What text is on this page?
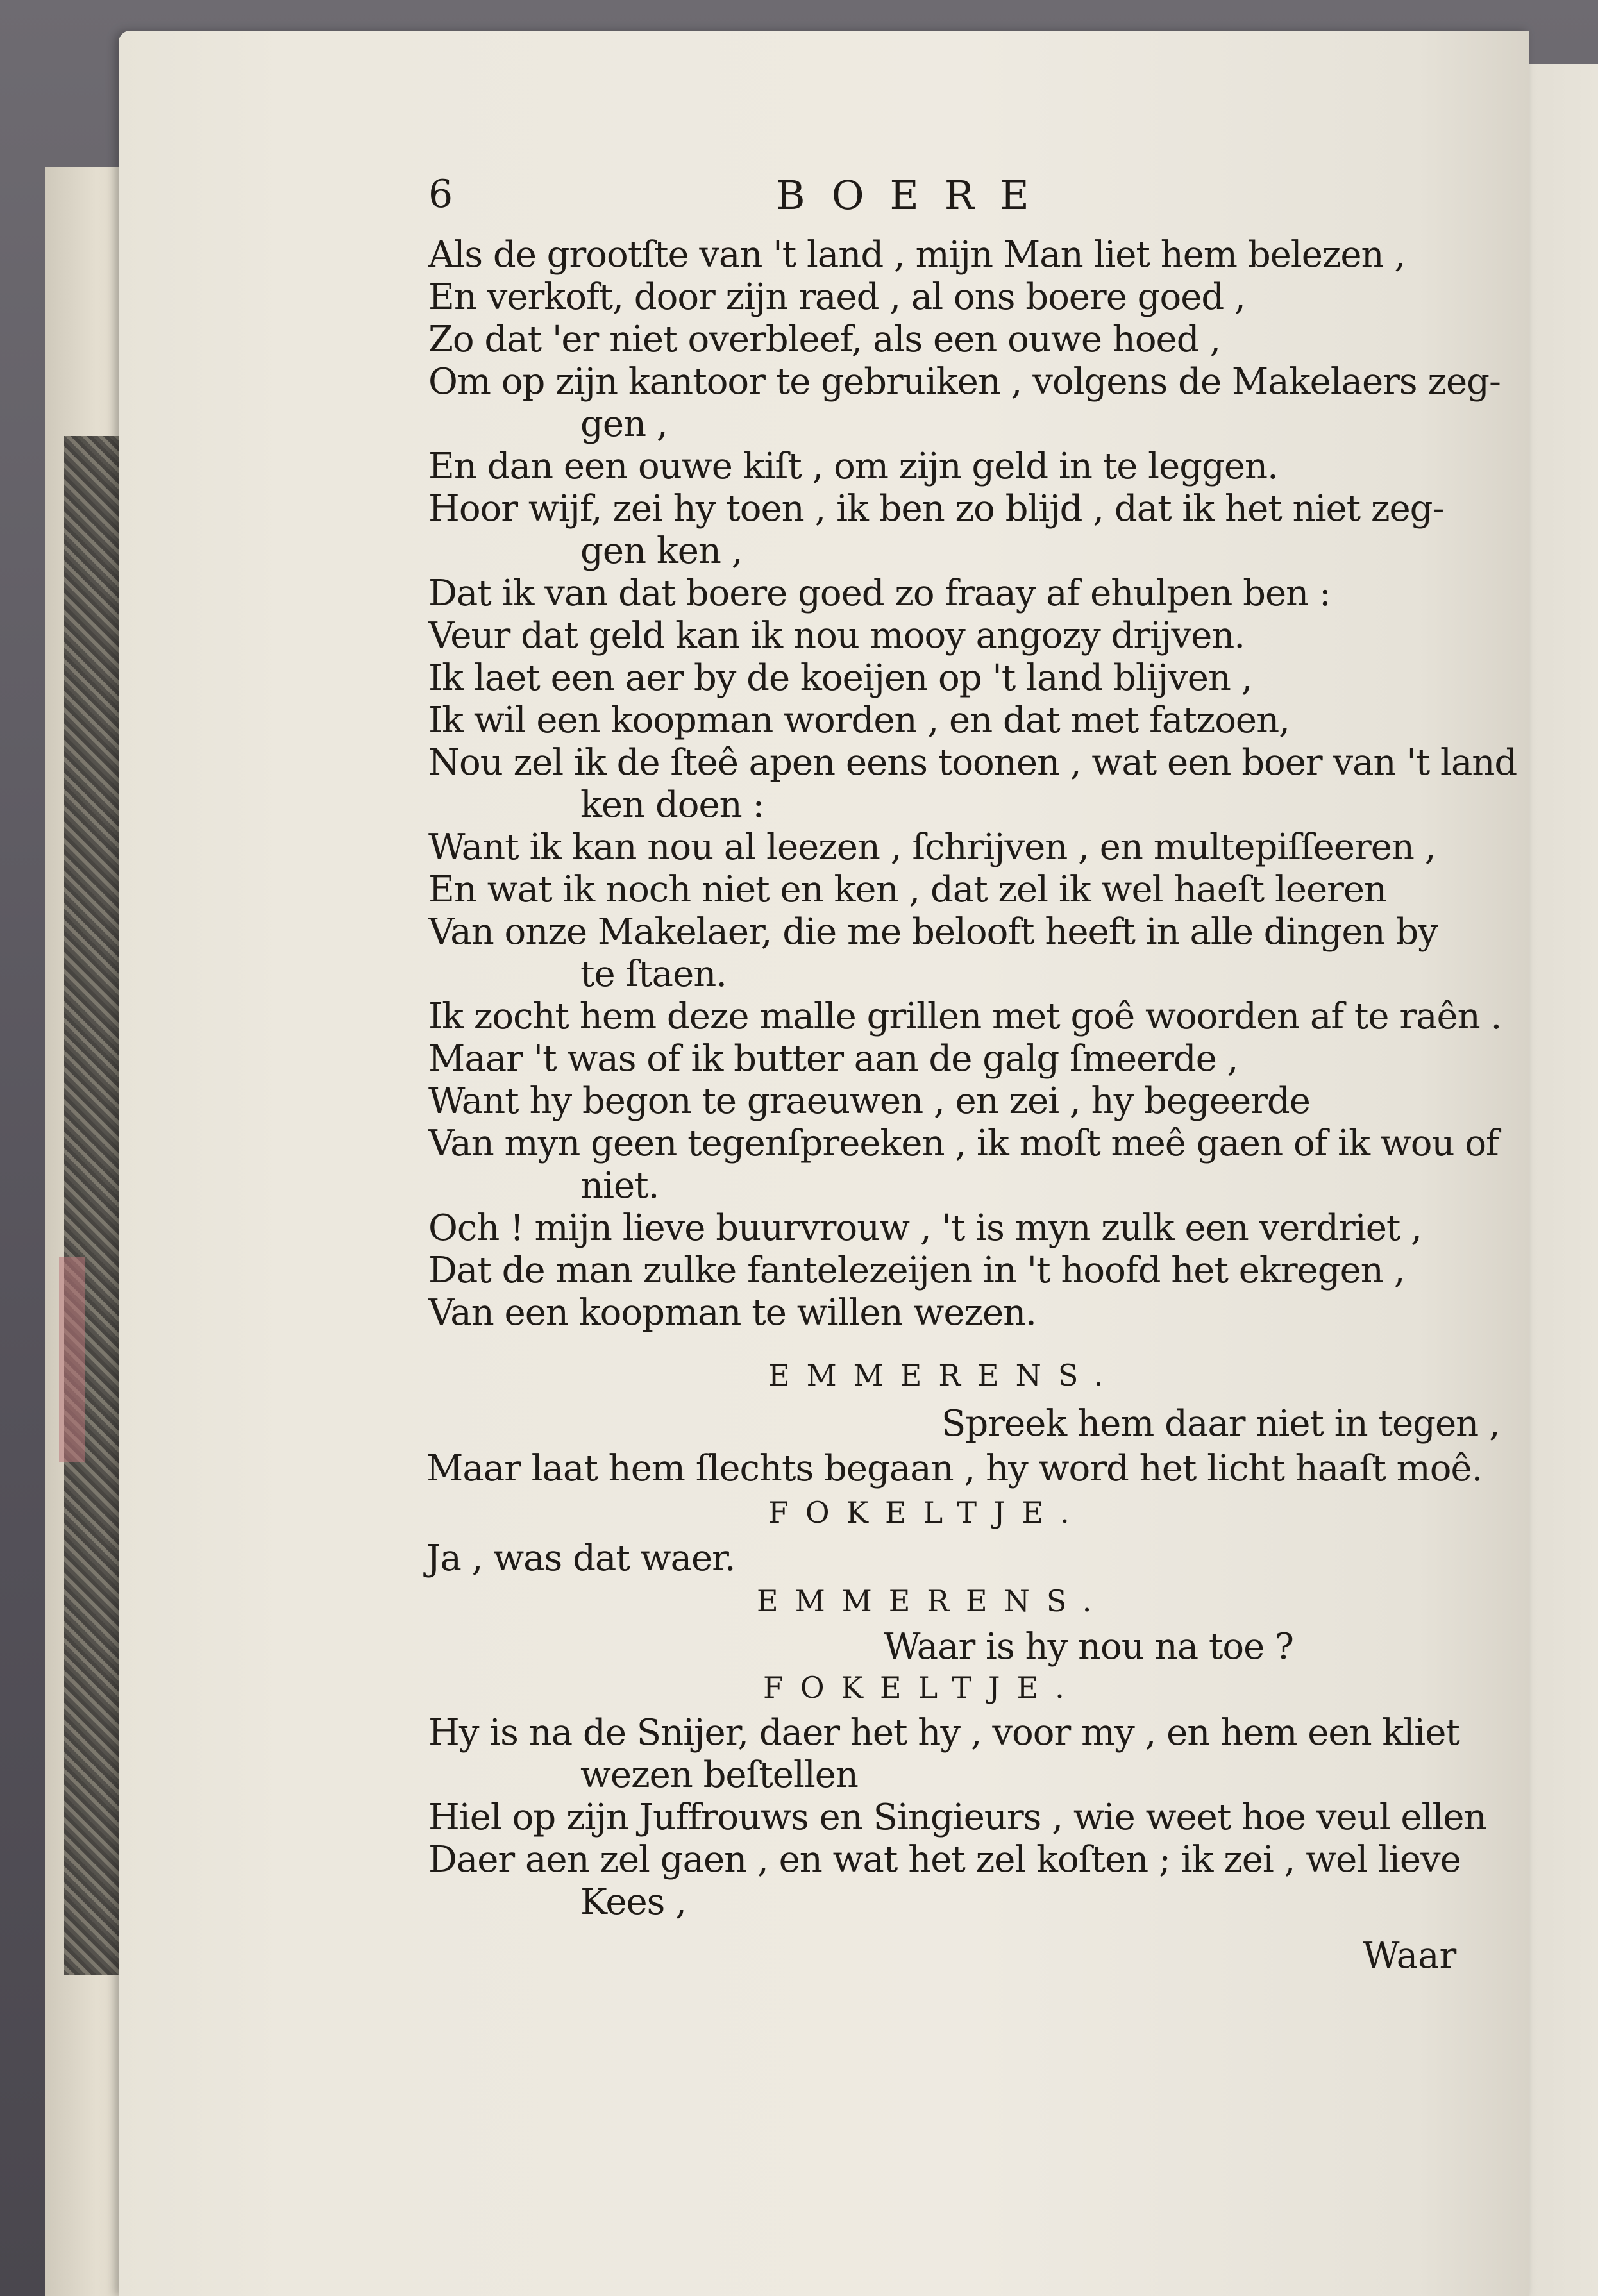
6	BOERE
Als de grootſte van 't land , mijn Man liet hem belezen ,
En verkoft, door zijn raed , al ons boere goed ,
Zo dat 'er niet overbleef, als een ouwe hoed ,
Om op zijn kantoor te gebruiken , volgens de Makelaers zeg-
gen ,
En dan een ouwe kiſt , om zijn geld in te leggen.
Hoor wijf, zei hy toen , ik ben zo blijd , dat ik het niet zeg-
gen ken ,
Dat ik van dat boere goed zo fraay af ehulpen ben :
Veur dat geld kan ik nou mooy angozy drijven.
Ik laet een aer by de koeijen op 't land blijven ,
Ik wil een koopman worden , en dat met fatzoen,
Nou zel ik de ſteê apen eens toonen , wat een boer van 't land
ken doen :
Want ik kan nou al leezen , ſchrijven , en multepiſſeeren ,
En wat ik noch niet en ken , dat zel ik wel haeſt leeren
Van onze Makelaer, die me belooft heeft in alle dingen by
te ſtaen.
Ik zocht hem deze malle grillen met goê woorden af te raên .
Maar 't was of ik butter aan de galg ſmeerde ,
Want hy begon te graeuwen , en zei , hy begeerde
Van myn geen tegenſpreeken , ik moſt meê gaen of ik wou of
niet.
Och ! mijn lieve buurvrouw , 't is myn zulk een verdriet ,
Dat de man zulke fantelezeijen in 't hoofd het ekregen ,
Van een koopman te willen wezen.
EMMERENS.
Spreek hem daar niet in tegen ,
Maar laat hem ſlechts begaan , hy word het licht haaſt moê.
FOKELTJE.
Ja , was dat waer.
EMMERENS.
Waar is hy nou na toe ?
FOKELTJE.
Hy is na de Snijer, daer het hy , voor my , en hem een kliet
wezen beſtellen
Hiel op zijn Juffrouws en Singieurs , wie weet hoe veul ellen
Daer aen zel gaen , en wat het zel koſten ; ik zei , wel lieve
Kees ,
Waar
